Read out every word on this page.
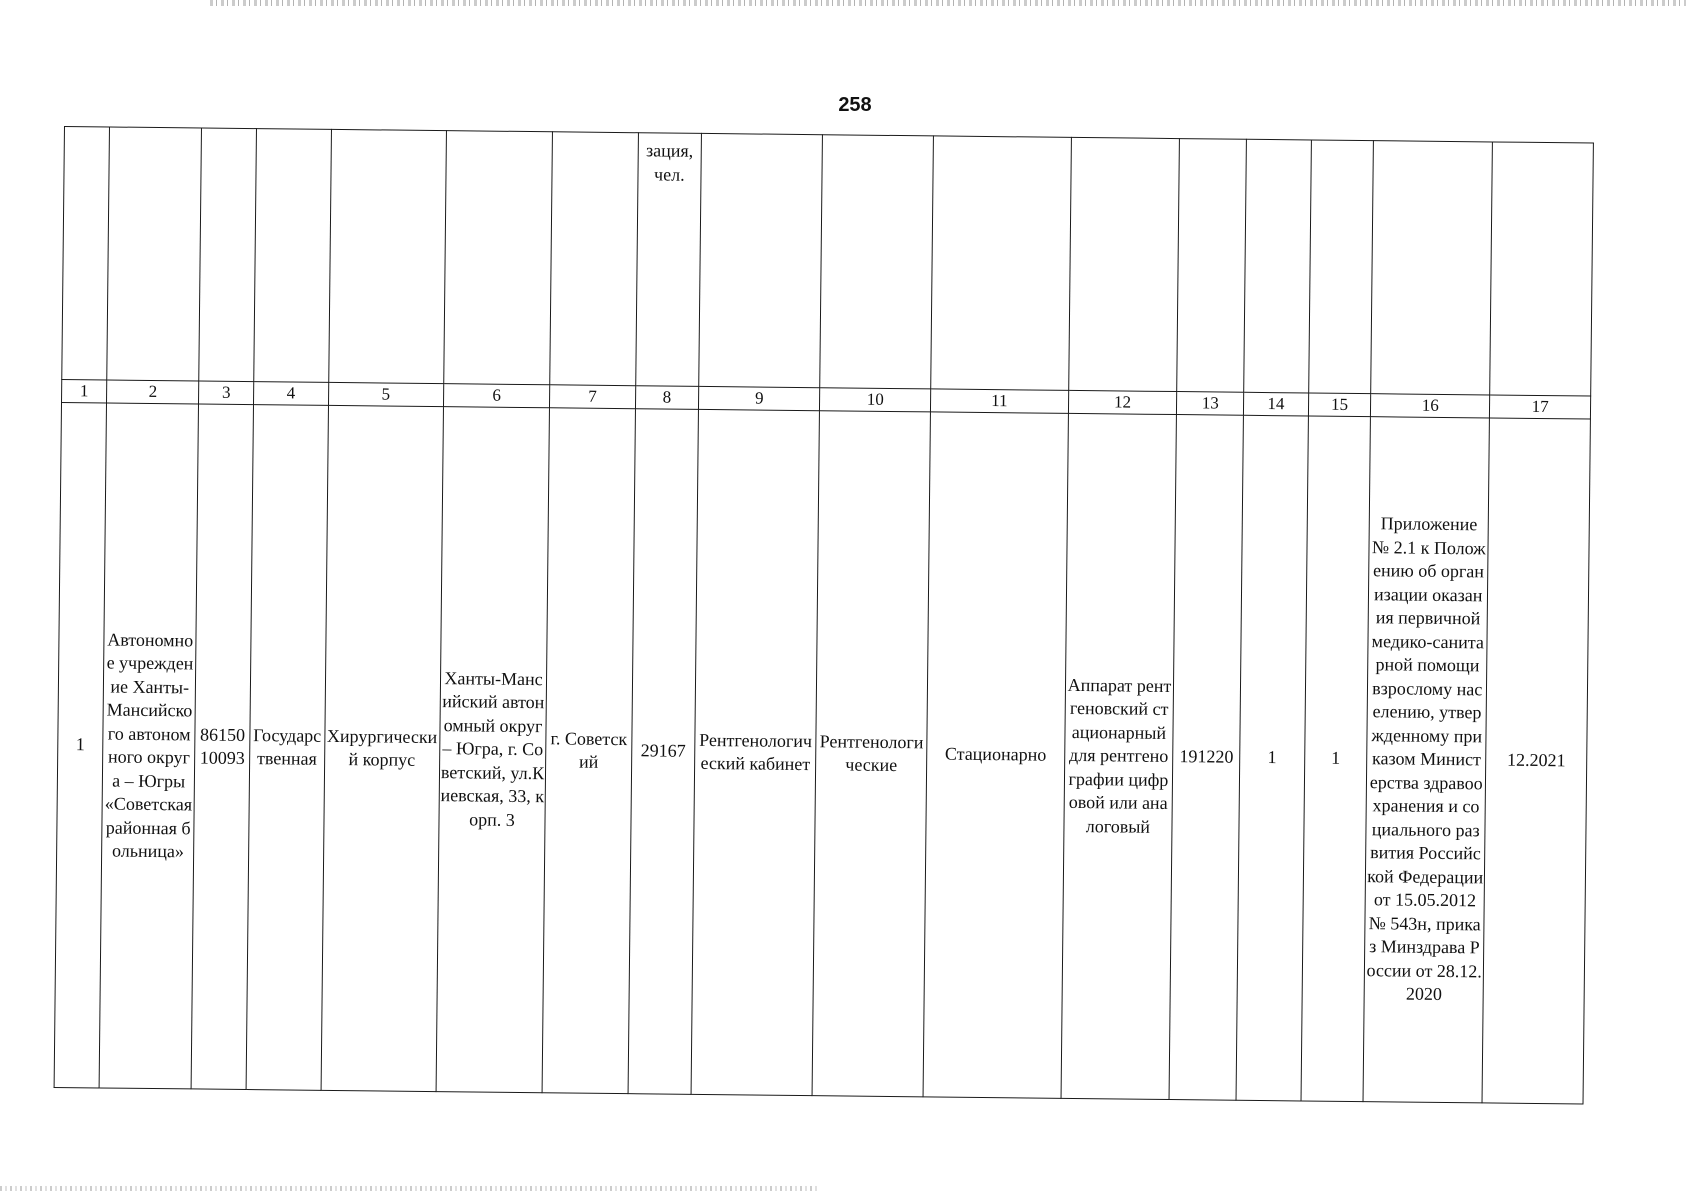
258

							зация, чел.									

1	2	3	4	5	6	7	8	9	10	11	12	13	14	15	16	17
1	Автономное учреждение Ханты-Мансийского автономного округа – Югры «Советская районная больница»	8615010093	Государственная	Хирургический корпус	Ханты-Мансийский автономный округ – Югра, г. Советский, ул.Киевская, 33, корп. 3	г. Советский	29167	Рентгенологический кабинет	Рентгенологические	Стационарно	Аппарат рентгеновский стационарный для рентгенографии цифровой или аналоговый	191220	1	1	Приложение № 2.1 к Положению об организации оказания первичной медико-санитарной помощи взрослому населению, утвержденному приказом Министерства здравоохранения и социального развития Российской Федерации от 15.05.2012 № 543н, приказ Минздрава России от 28.12.2020	12.2021
